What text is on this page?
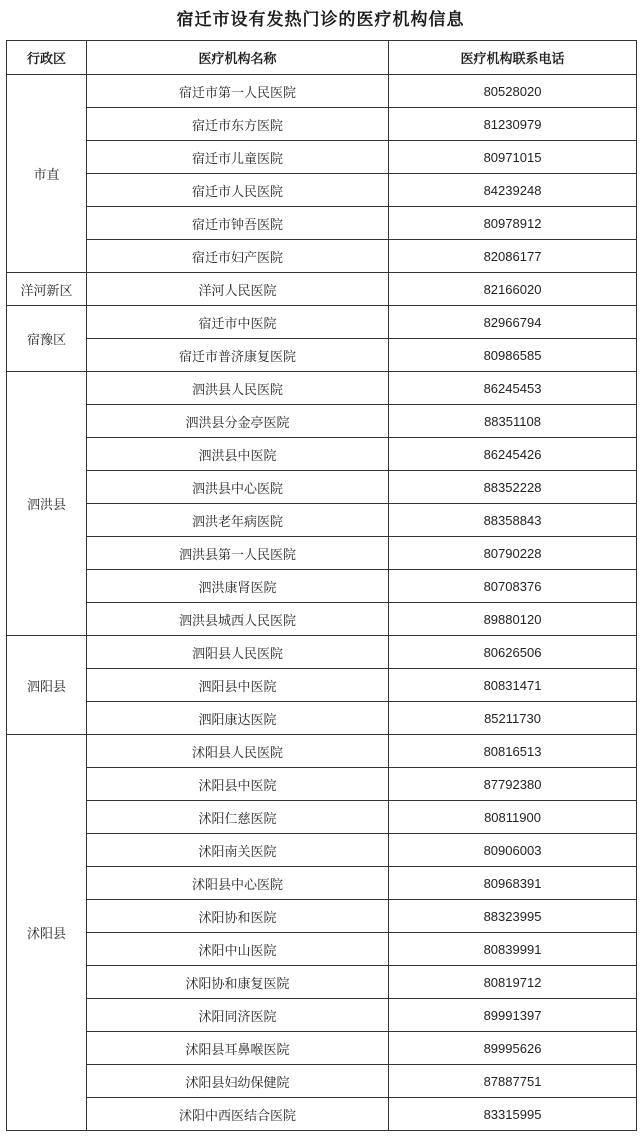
宿迁市设有发热门诊的医疗机构信息
行政区	医疗机构名称	医疗机构联系电话
市直	宿迁市第一人民医院	80528020
	宿迁市东方医院	81230979
	宿迁市儿童医院	80971015
	宿迁市人民医院	84239248
	宿迁市钟吾医院	80978912
	宿迁市妇产医院	82086177
洋河新区	洋河人民医院	82166020
宿豫区	宿迁市中医院	82966794
	宿迁市普济康复医院	80986585
泗洪县	泗洪县人民医院	86245453
	泗洪县分金亭医院	88351108
	泗洪县中医院	86245426
	泗洪县中心医院	88352228
	泗洪老年病医院	88358843
	泗洪县第一人民医院	80790228
	泗洪康肾医院	80708376
	泗洪县城西人民医院	89880120
泗阳县	泗阳县人民医院	80626506
	泗阳县中医院	80831471
	泗阳康达医院	85211730
沭阳县	沭阳县人民医院	80816513
	沭阳县中医院	87792380
	沭阳仁慈医院	80811900
	沭阳南关医院	80906003
	沭阳县中心医院	80968391
	沭阳协和医院	88323995
	沭阳中山医院	80839991
	沭阳协和康复医院	80819712
	沭阳同济医院	89991397
	沭阳县耳鼻喉医院	89995626
	沭阳县妇幼保健院	87887751
	沭阳中西医结合医院	83315995
